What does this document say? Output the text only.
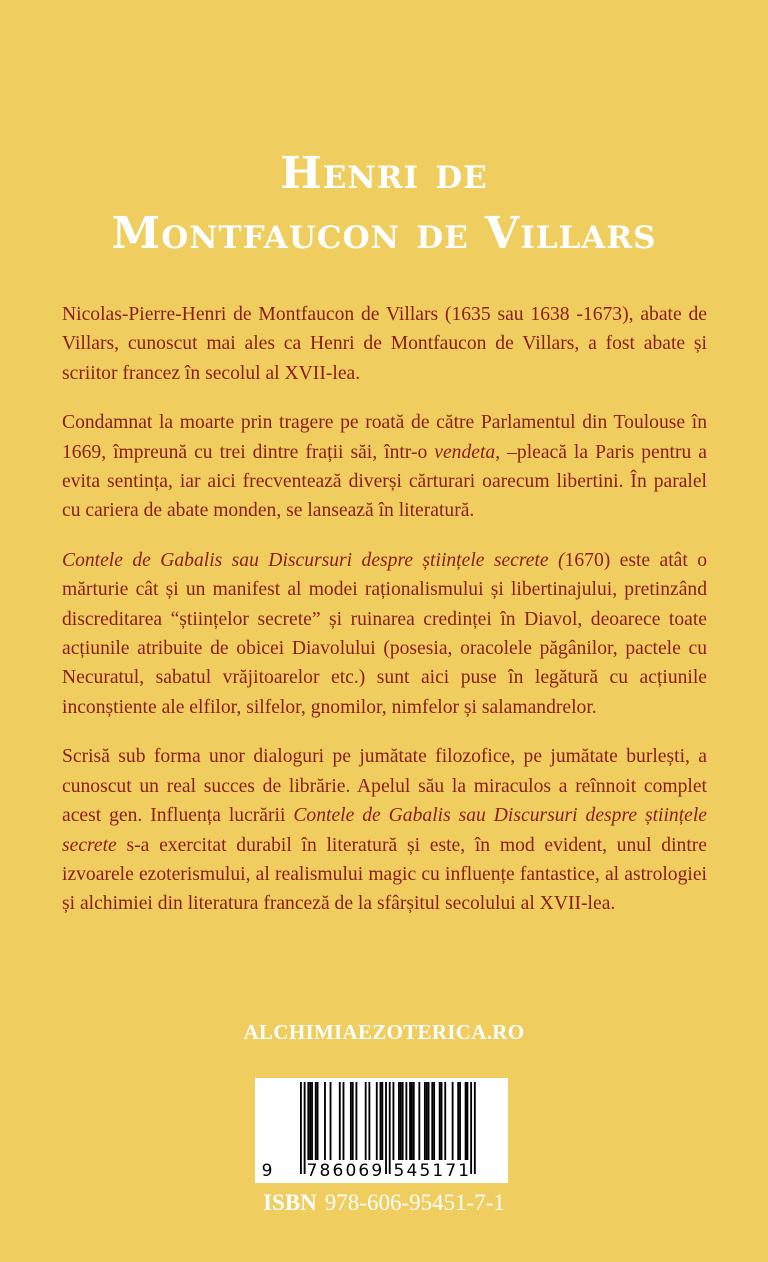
Henri de
Montfaucon de Villars

Nicolas-Pierre-Henri de Montfaucon de Villars (1635 sau 1638 -1673), abate de Villars, cunoscut mai ales ca Henri de Montfaucon de Villars, a fost abate și scriitor francez în secolul al XVII-lea.

Condamnat la moarte prin tragere pe roată de către Parlamentul din Toulouse în 1669, împreună cu trei dintre frații săi, într-o vendeta, –pleacă la Paris pentru a evita sentința, iar aici frecventează diverși cărturari oarecum libertini. În paralel cu cariera de abate monden, se lansează în literatură.

Contele de Gabalis sau Discursuri despre științele secrete (1670) este atât o mărturie cât și un manifest al modei raționalismului și libertinajului, pretinzând discreditarea “științelor secrete” și ruinarea credinței în Diavol, deoarece toate acțiunile atribuite de obicei Diavolului (posesia, oracolele păgânilor, pactele cu Necuratul, sabatul vrăjitoarelor etc.) sunt aici puse în legătură cu acțiunile inconștiente ale elfilor, silfelor, gnomilor, nimfelor și salamandrelor.

Scrisă sub forma unor dialoguri pe jumătate filozofice, pe jumătate burlești, a cunoscut un real succes de librărie. Apelul său la miraculos a reînnoit complet acest gen. Influența lucrării Contele de Gabalis sau Discursuri despre științele secrete s-a exercitat durabil în literatură și este, în mod evident, unul dintre izvoarele ezoterismului, al realismului magic cu influențe fantastice, al astrologiei și alchimiei din literatura franceză de la sfârșitul secolului al XVII-lea.

ALCHIMIAEZOTERICA.RO
9 7 8 6 0 6 9 5 4 5 1 7 1
ISBN 978-606-95451-7-1
